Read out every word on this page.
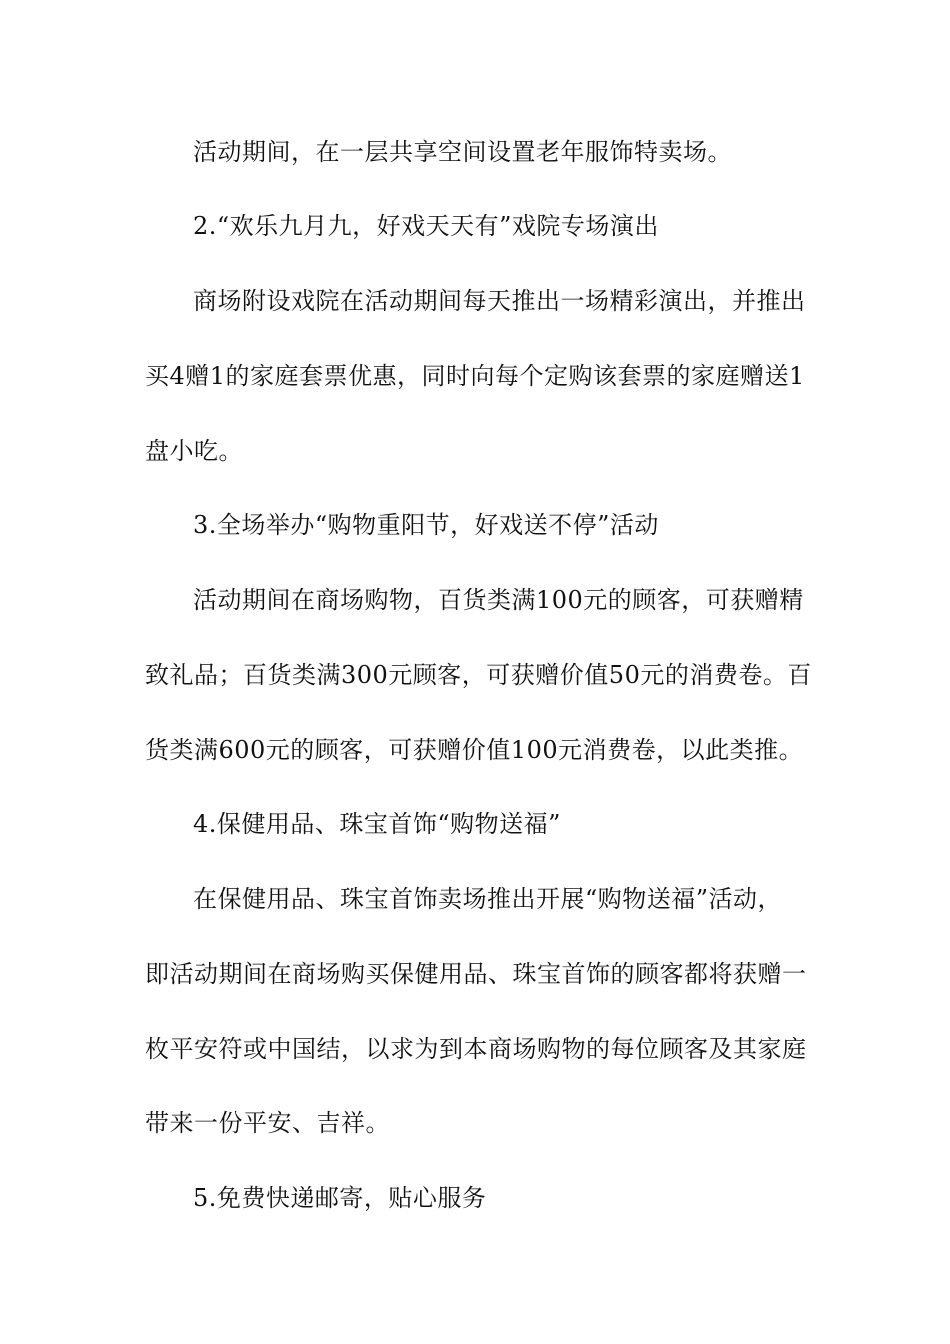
活动期间，在一层共享空间设置老年服饰特卖场。
2.“欢乐九月九，好戏天天有”戏院专场演出
商场附设戏院在活动期间每天推出一场精彩演出，并推出
买4赠1的家庭套票优惠，同时向每个定购该套票的家庭赠送1
盘小吃。
3.全场举办“购物重阳节，好戏送不停”活动
活动期间在商场购物，百货类满100元的顾客，可获赠精
致礼品；百货类满300元顾客，可获赠价值50元的消费卷。百
货类满600元的顾客，可获赠价值100元消费卷，以此类推。
4.保健用品、珠宝首饰“购物送福”
在保健用品、珠宝首饰卖场推出开展“购物送福”活动，
即活动期间在商场购买保健用品、珠宝首饰的顾客都将获赠一
枚平安符或中国结，以求为到本商场购物的每位顾客及其家庭
带来一份平安、吉祥。
5.免费快递邮寄，贴心服务
